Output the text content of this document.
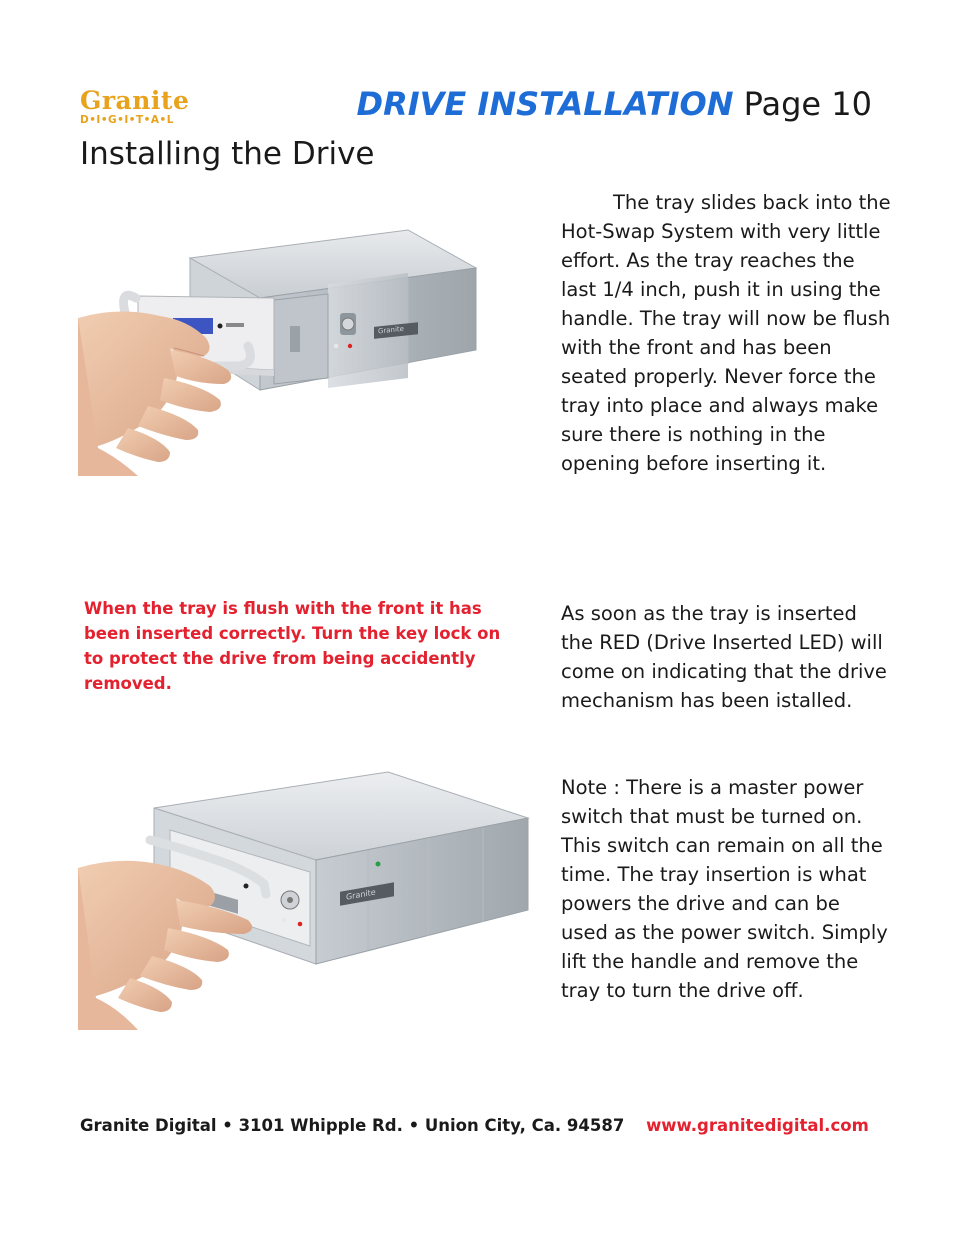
Granite
D•I•G•I•T•A•L	DRIVE INSTALLATION Page 10
Installing the Drive
Granite

The tray slides back into the Hot-Swap System with very little effort. As the tray reaches the last 1/4 inch, push it in using the handle. The tray will now be flush with the front and has been seated properly. Never force the tray into place and always make sure there is nothing in the opening before inserting it.

When the tray is flush with the front it has been inserted correctly. Turn the key lock on to protect the drive from being accidently removed.

As soon as the tray is inserted the RED (Drive Inserted LED) will come on indicating that the drive mechanism has been istalled.

Note : There is a master power switch that must be turned on. This switch can remain on all the time. The tray insertion is what powers the drive and can be used as the power switch. Simply lift the handle and remove the tray to turn the drive off.

Granite
Granite Digital • 3101 Whipple Rd. • Union City, Ca. 94587 www.granitedigital.com
